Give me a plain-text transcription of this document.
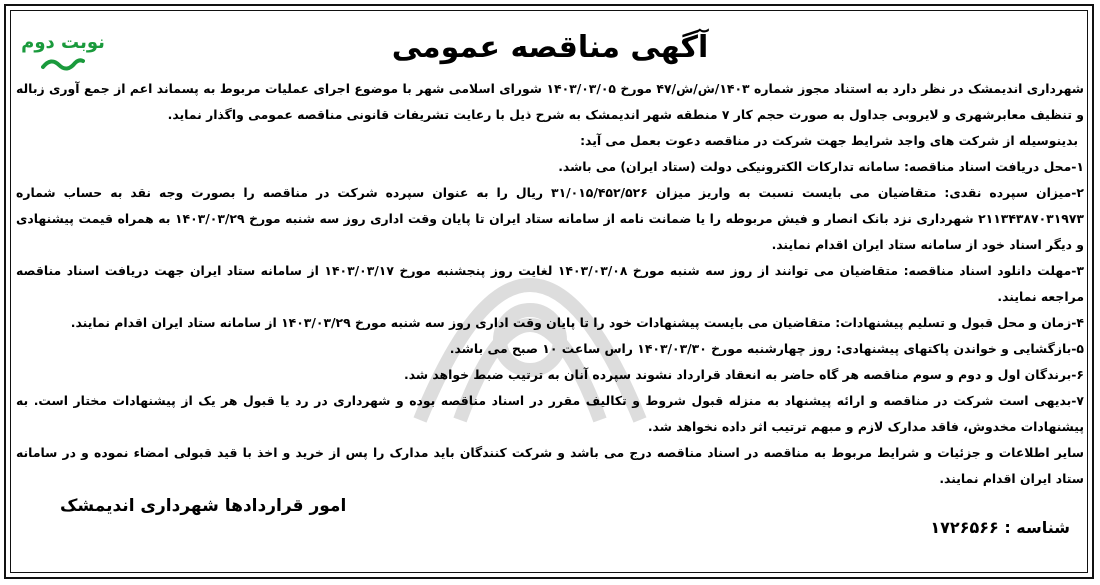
نوبت دوم	آگهی مناقصه عمومی

شهرداری اندیمشک در نظر دارد به استناد مجوز شماره ۱۴۰۳/ش/ش/۴۷ مورخ ۱۴۰۳/۰۳/۰۵ شورای اسلامی شهر با موضوع اجرای عملیات مربوط به پسماند اعم از جمع آوری زباله و تنظیف معابرشهری و لایروبی جداول به صورت حجم کار ۷ منطقه شهر اندیمشک به شرح ذیل با رعایت تشریفات قانونی مناقصه عمومی واگذار نماید.

بدینوسیله از شرکت های واجد شرایط جهت شرکت در مناقصه دعوت بعمل می آید:

۱-محل دریافت اسناد مناقصه: سامانه تدارکات الکترونیکی دولت (ستاد ایران) می باشد.

۲-میزان سپرده نقدی: متقاضیان می بایست نسبت به واریز میزان ۳۱/۰۱۵/۴۵۲/۵۲۶ ریال را به عنوان سپرده شرکت در مناقصه را بصورت وجه نقد به حساب شماره ۲۱۱۳۴۳۸۷۰۳۱۹۷۳ شهرداری نزد بانک انصار و فیش مربوطه را یا ضمانت نامه از سامانه ستاد ایران تا پایان وقت اداری روز سه شنبه مورخ ۱۴۰۳/۰۳/۲۹ به همراه قیمت پیشنهادی و دیگر اسناد خود از سامانه ستاد ایران اقدام نمایند.

۳-مهلت دانلود اسناد مناقصه: متقاضیان می توانند از روز سه شنبه مورخ ۱۴۰۳/۰۳/۰۸ لغایت روز پنجشنبه مورخ ۱۴۰۳/۰۳/۱۷ از سامانه ستاد ایران جهت دریافت اسناد مناقصه مراجعه نمایند.

۴-زمان و محل قبول و تسلیم پیشنهادات: متقاضیان می بایست پیشنهادات خود را تا پایان وقت اداری روز سه شنبه مورخ ۱۴۰۳/۰۳/۲۹ از سامانه ستاد ایران اقدام نمایند.

۵-بازگشایی و خواندن پاکتهای پیشنهادی: روز چهارشنبه مورخ ۱۴۰۳/۰۳/۳۰ راس ساعت ۱۰ صبح می باشد.

۶-برندگان اول و دوم و سوم مناقصه هر گاه حاضر به انعقاد قرارداد نشوند سپرده آنان به ترتیب ضبط خواهد شد.

۷-بدیهی است شرکت در مناقصه و ارائه پیشنهاد به منزله قبول شروط و تکالیف مقرر در اسناد مناقصه بوده و شهرداری در رد یا قبول هر یک از پیشنهادات مختار است. به پیشنهادات مخدوش، فاقد مدارک لازم و مبهم ترتیب اثر داده نخواهد شد.

سایر اطلاعات و جزئیات و شرایط مربوط به مناقصه در اسناد مناقصه درج می باشد و شرکت کنندگان باید مدارک را پس از خرید و اخذ با قید قبولی امضاء نموده و در سامانه ستاد ایران اقدام نمایند.

امور قراردادها شهرداری اندیمشک
شناسه : ۱۷۲۶۵۶۶
